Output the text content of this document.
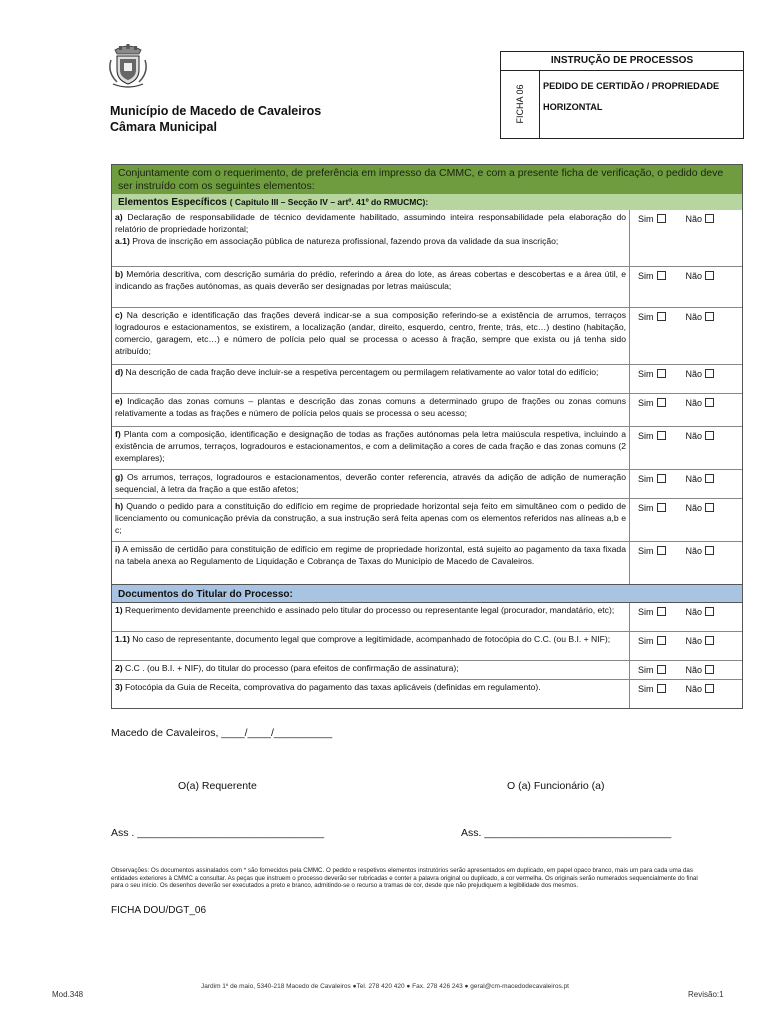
Município de Macedo de Cavaleiros
Câmara Municipal
INSTRUÇÃO DE PROCESSOS
FICHA 06 PEDIDO DE CERTIDÃO / PROPRIEDADE
HORIZONTAL
Conjuntamente com o requerimento, de preferência em impresso da CMMC, e com a presente ficha de verificação, o pedido deve ser instruído com os seguintes elementos:
Elementos Específicos ( Capitulo III – Secção IV – artº. 41º do RMUCMC):
a) Declaração de responsabilidade de técnico devidamente habilitado, assumindo inteira responsabilidade pela elaboração do relatório de propriedade horizontal;
a.1) Prova de inscrição em associação pública de natureza profissional, fazendo prova da validade da sua inscrição;
Sim	Não
b) Memória descritiva, com descrição sumária do prédio, referindo a área do lote, as áreas cobertas e descobertas e a área útil, e indicando as frações autónomas, as quais deverão ser designadas por letras maiúscula;
Sim	Não
c) Na descrição e identificação das frações deverá indicar-se a sua composição referindo-se a existência de arrumos, terraços logradouros e estacionamentos, se existirem, a localização (andar, direito, esquerdo, centro, frente, trás, etc…) destino (habitação, comercio, garagem, etc…) e número de polícia pelo qual se processa o acesso à fração, sempre que exista ou já tenha sido atribuído;
Sim	Não
d) Na descrição de cada fração deve incluir-se a respetiva percentagem ou permilagem relativamente ao valor total do edifício;	Sim	Não
e) Indicação das zonas comuns – plantas e descrição das zonas comuns a determinado grupo de frações ou zonas comuns relativamente a todas as frações e número de polícia pelos quais se processa o seu acesso;
Sim	Não
f) Planta com a composição, identificação e designação de todas as frações autónomas pela letra maiúscula respetiva, incluindo a existência de arrumos, terraços, logradouros e estacionamentos, e com a delimitação a cores de cada fração e das zonas comuns (2 exemplares);
Sim	Não
g) Os arrumos, terraços, logradouros e estacionamentos, deverão conter referencia, através da adição de adição de numeração sequencial, à letra da fração a que estão afetos;
Sim	Não
h) Quando o pedido para a constituição do edifício em regime de propriedade horizontal seja feito em simultâneo com o pedido de licenciamento ou comunicação prévia da construção, a sua instrução será feita apenas com os elementos referidos nas alíneas a,b e c;
Sim	Não
i) A emissão de certidão para constituição de edifício em regime de propriedade horizontal, está sujeito ao pagamento da taxa fixada na tabela anexa ao Regulamento de Liquidação e Cobrança de Taxas do Município de Macedo de Cavaleiros.
Sim	Não
Documentos do Titular do Processo:
1) Requerimento devidamente preenchido e assinado pelo titular do processo ou representante legal (procurador, mandatário, etc);	Sim	Não
1.1) No caso de representante, documento legal que comprove a legitimidade, acompanhado de fotocópia do C.C. (ou B.I. + NIF);	Sim	Não
2) C.C . (ou B.I. + NIF), do titular do processo (para efeitos de confirmação de assinatura);	Sim	Não
3) Fotocópia da Guia de Receita, comprovativa do pagamento das taxas aplicáveis (definidas em regulamento).	Sim	Não
Macedo de Cavaleiros, ____/____/__________
O(a) Requerente	O (a) Funcionário (a)
Ass . ________________________________	Ass. ________________________________
Observações: Os documentos assinalados com * são fornecidos pela CMMC. O pedido e respetivos elementos instrutórios serão apresentados em duplicado, em papel opaco branco, mais um para cada uma das entidades exteriores à CMMC a consultar. As peças que instruem o processo deverão ser rubricadas e conter a palavra original ou duplicado, a cor vermelha. Os originais serão numerados sequencialmente do final para o seu início. Os desenhos deverão ser executados a preto e branco, admitindo-se o recurso a tramas de cor, desde que não prejudiquem a legibilidade dos mesmos.
FICHA DOU/DGT_06
Mod.348	Revisão:1
Jardim 1º de maio, 5340-218 Macedo de Cavaleiros ●Tel. 278 420 420 ● Fax. 278 426 243 ● geral@cm-macedodecavaleiros.pt
